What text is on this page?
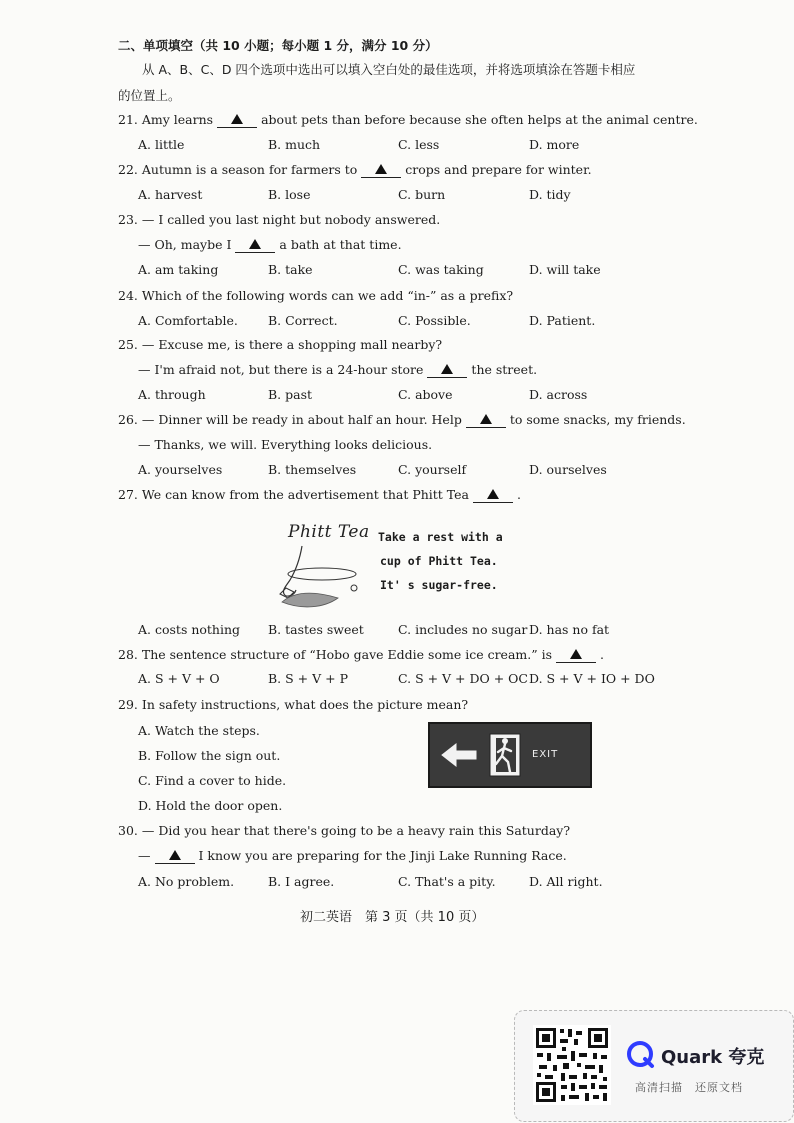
二、单项填空（共 10 小题；每小题 1 分，满分 10 分）
从 A、B、C、D 四个选项中选出可以填入空白处的最佳选项，并将选项填涂在答题卡相应
的位置上。
21. Amy learns	about pets than before because she often helps at the animal centre.
A. little	B. much	C. less	D. more
22. Autumn is a season for farmers to	crops and prepare for winter.
A. harvest	B. lose	C. burn	D. tidy
23. — I called you last night but nobody answered.
— Oh, maybe I	a bath at that time.
A. am taking	B. take	C. was taking	D. will take
24. Which of the following words can we add “in-” as a prefix?
A. Comfortable. B. Correct.	C. Possible.	D. Patient.
25. — Excuse me, is there a shopping mall nearby?
— I'm afraid not, but there is a 24-hour store	the street.
A. through	B. past	C. above	D. across
26. — Dinner will be ready in about half an hour. Help	to some snacks, my friends.
— Thanks, we will. Everything looks delicious.
A. yourselves	B. themselves	C. yourself	D. ourselves
27. We can know from the advertisement that Phitt Tea	.
Phitt Tea Take a rest with a
cup of Phitt Tea.
It' s sugar-free.
A. costs nothing B. tastes sweet	C. includes no sugar D. has no fat
28. The sentence structure of “Hobo gave Eddie some ice cream.” is	.
A. S + V + O	B. S + V + P	C. S + V + DO + OC D. S + V + IO + DO
29. In safety instructions, what does the picture mean?
A. Watch the steps.
B. Follow the sign out.
C. Find a cover to hide.
D. Hold the door open.
EXIT
30. — Did you hear that there's going to be a heavy rain this Saturday?
—	I know you are preparing for the Jinji Lake Running Race.
A. No problem.	B. I agree.	C. That's a pity.	D. All right.
初二英语　第 3 页（共 10 页）
Quark 夸克
高清扫描　还原文档
